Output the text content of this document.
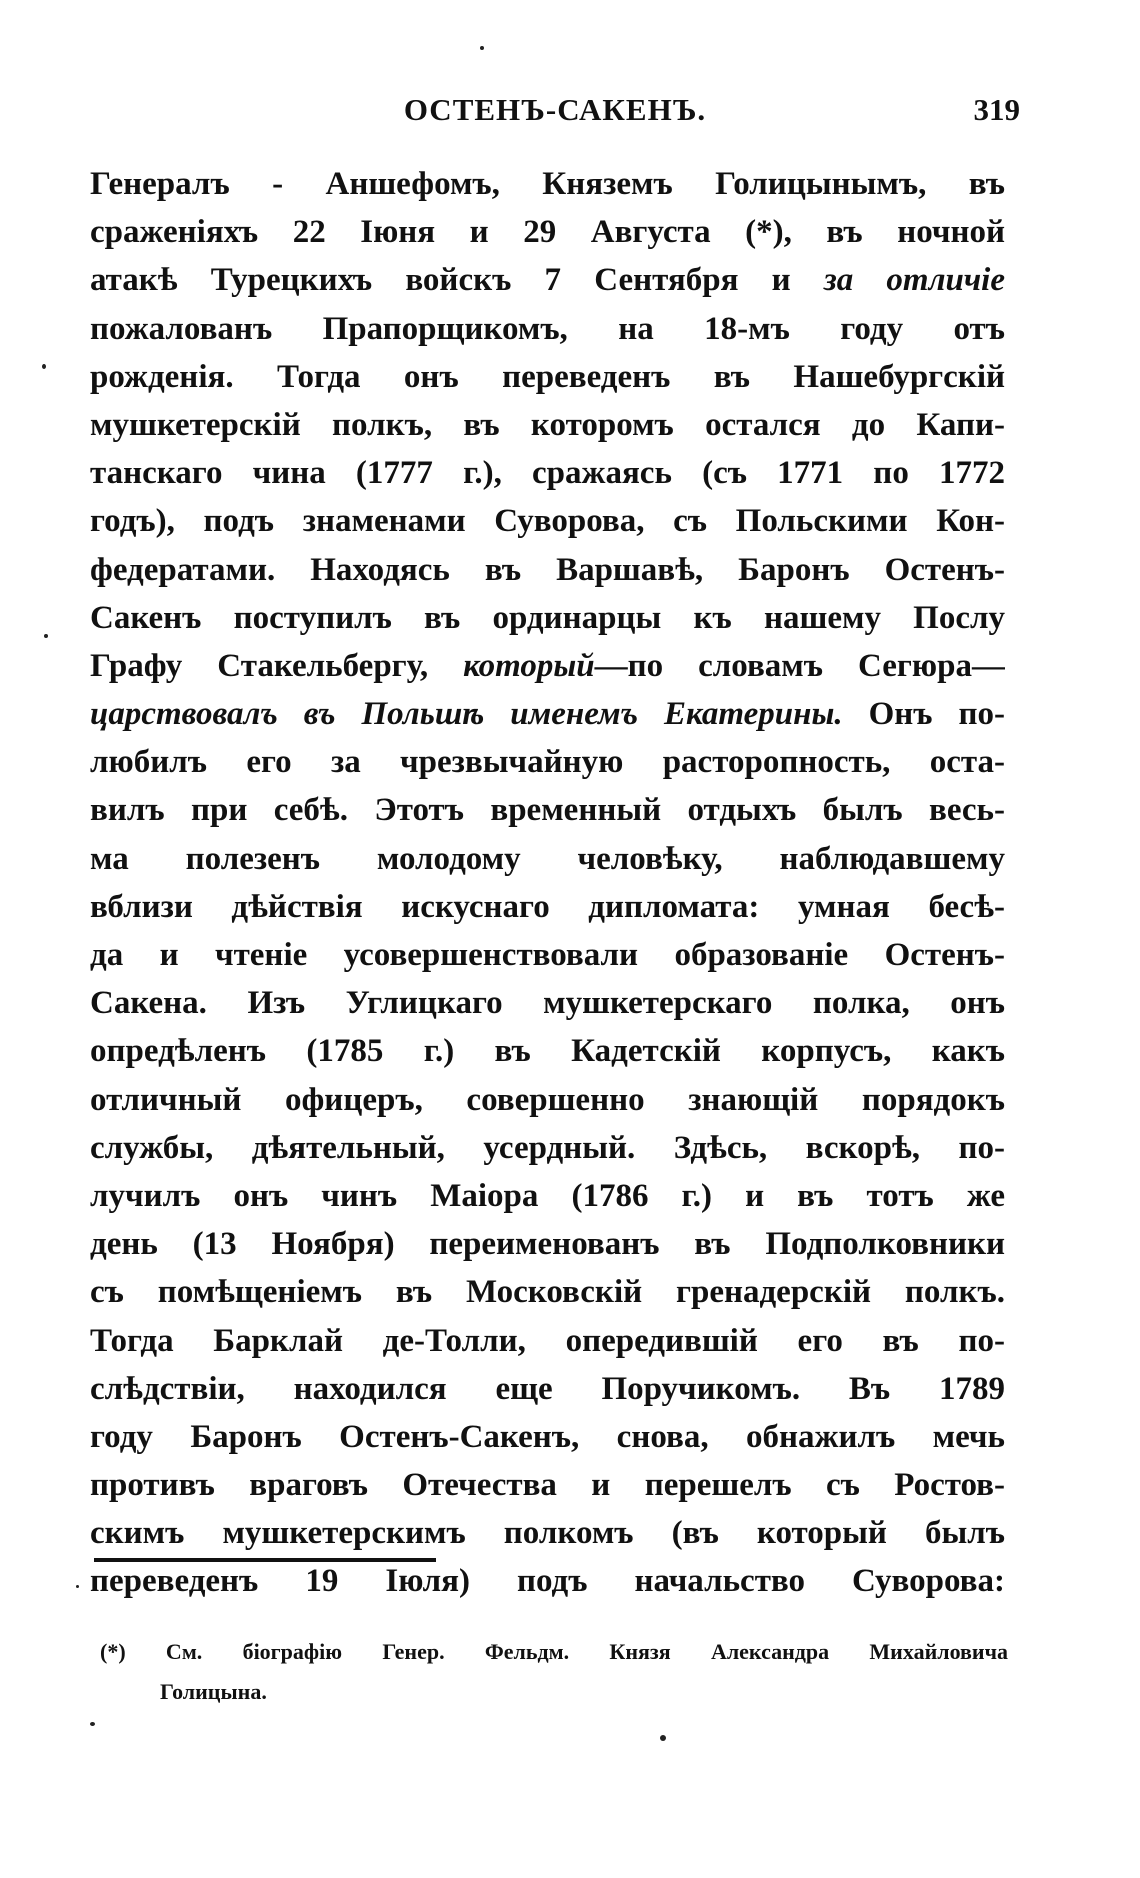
ОСТЕНЪ-САКЕНЪ.	319
Генералъ - Аншефомъ, Княземъ Голицынымъ, въ
сраженіяхъ 22 Іюня и 29 Августа (*), въ ночной
атакѣ Турецкихъ войскъ 7 Сентября и за отличіе
пожалованъ Прапорщикомъ, на 18-мъ году отъ
рожденія. Тогда онъ переведенъ въ Нашебургскій
мушкетерскій полкъ, въ которомъ остался до Капи-
танскаго чина (1777 г.), сражаясь (съ 1771 по 1772
годъ), подъ знаменами Суворова, съ Польскими Кон-
федератами. Находясь въ Варшавѣ, Баронъ Остенъ-
Сакенъ поступилъ въ ординарцы къ нашему Послу
Графу Стакельбергу, который—по словамъ Сегюра—
царствовалъ въ Польшѣ именемъ Екатерины. Онъ по-
любилъ его за чрезвычайную расторопность, оста-
вилъ при себѣ. Этотъ временный отдыхъ былъ весь-
ма полезенъ молодому человѣку, наблюдавшему
вблизи дѣйствія искуснаго дипломата: умная бесѣ-
да и чтеніе усовершенствовали образованіе Остенъ-
Сакена. Изъ Углицкаго мушкетерскаго полка, онъ
опредѣленъ (1785 г.) въ Кадетскій корпусъ, какъ
отличный офицеръ, совершенно знающій порядокъ
службы, дѣятельный, усердный. Здѣсь, вскорѣ, по-
лучилъ онъ чинъ Маіора (1786 г.) и въ тотъ же
день (13 Ноября) переименованъ въ Подполковники
съ помѣщеніемъ въ Московскій гренадерскій полкъ.
Тогда Барклай де-Толли, опередившій его въ по-
слѣдствіи, находился еще Поручикомъ. Въ 1789
году Баронъ Остенъ-Сакенъ, снова, обнажилъ мечь
противъ враговъ Отечества и перешелъ съ Ростов-
скимъ мушкетерскимъ полкомъ (въ который былъ
переведенъ 19 Іюля) подъ начальство Суворова:
(*) См. біографію Генер. Фельдм. Князя Александра Михайловича
Голицына.
